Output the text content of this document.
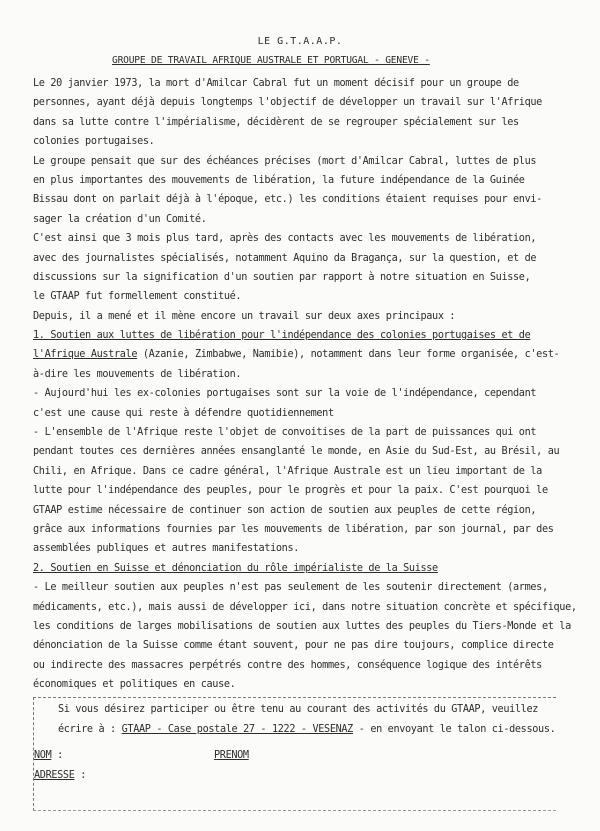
LE G.T.A.A.P.
GROUPE DE TRAVAIL AFRIQUE AUSTRALE ET PORTUGAL - GENEVE -
Le 20 janvier 1973, la mort d'Amilcar Cabral fut un moment décisif pour un groupe de
personnes, ayant déjà depuis longtemps l'objectif de développer un travail sur l'Afrique
dans sa lutte contre l'impérialisme, décidèrent de se regrouper spécialement sur les
colonies portugaises.
Le groupe pensait que sur des échéances précises (mort d'Amilcar Cabral, luttes de plus
en plus importantes des mouvements de libération, la future indépendance de la Guinée
Bissau dont on parlait déjà à l'époque, etc.) les conditions étaient requises pour envi-
sager la création d'un Comité.
C'est ainsi que 3 mois plus tard, après des contacts avec les mouvements de libération,
avec des journalistes spécialisés, notamment Aquino da Bragança, sur la question, et de
discussions sur la signification d'un soutien par rapport à notre situation en Suisse,
le GTAAP fut formellement constitué.
Depuis, il a mené et il mène encore un travail sur deux axes principaux :
1. Soutien aux luttes de libération pour l'indépendance des colonies portugaises et de
l'Afrique Australe (Azanie, Zimbabwe, Namibie), notamment dans leur forme organisée, c'est-
à-dire les mouvements de libération.
- Aujourd'hui les ex-colonies portugaises sont sur la voie de l'indépendance, cependant
c'est une cause qui reste à défendre quotidiennement
- L'ensemble de l'Afrique reste l'objet de convoitises de la part de puissances qui ont
pendant toutes ces dernières années ensanglanté le monde, en Asie du Sud-Est, au Brésil, au
Chili, en Afrique. Dans ce cadre général, l'Afrique Australe est un lieu important de la
lutte pour l'indépendance des peuples, pour le progrès et pour la paix. C'est pourquoi le
GTAAP estime nécessaire de continuer son action de soutien aux peuples de cette région,
grâce aux informations fournies par les mouvements de libération, par son journal, par des
assemblées publiques et autres manifestations.
2. Soutien en Suisse et dénonciation du rôle impérialiste de la Suisse
- Le meilleur soutien aux peuples n'est pas seulement de les soutenir directement (armes,
médicaments, etc.), mais aussi de développer ici, dans notre situation concrète et spécifique,
les conditions de larges mobilisations de soutien aux luttes des peuples du Tiers-Monde et la
dénonciation de la Suisse comme étant souvent, pour ne pas dire toujours, complice directe
ou indirecte des massacres perpétrés contre des hommes, conséquence logique des intérêts
économiques et politiques en cause.
Si vous désirez participer ou être tenu au courant des activités du GTAAP, veuillez
écrire à : GTAAP - Case postale 27 - 1222 - VESENAZ - en envoyant le talon ci-dessous.
NOM :	PRENOM
ADRESSE :
